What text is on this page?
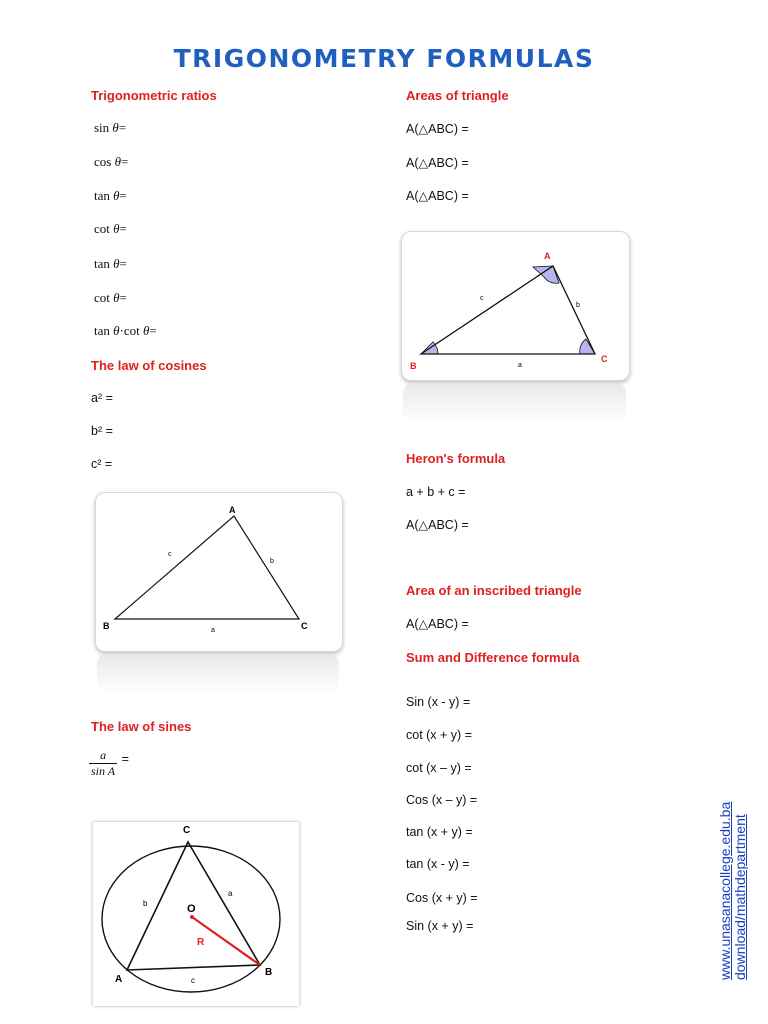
TRIGONOMETRY FORMULAS
Trigonometric ratios
sin θ=
cos θ=
tan θ=
cot θ=
tan θ=
cot θ=
tan θ·cot θ=
The law of cosines
a² =
b² =
c² =
A
B	C
a
b
c
The law of sines
$\frac{a}{\text{sin A}} ^=$
C
A
B
O
R
a
b
c
Areas of triangle
A(△ABC) =
A(△ABC) =
A(△ABC) =
A
B
C
a
b
c
Heron's formula
a + b + c =
A(△ABC) =
Area of an inscribed triangle
A(△ABC) =
Sum and Difference formula
Sin (x - y) =
cot (x + y) =
cot (x – y) =
Cos (x – y) =
tan (x + y) =
tan (x - y) =
Cos (x + y) =
Sin (x + y) =	www.unasanacollege.edu.ba download/mathdepartment
